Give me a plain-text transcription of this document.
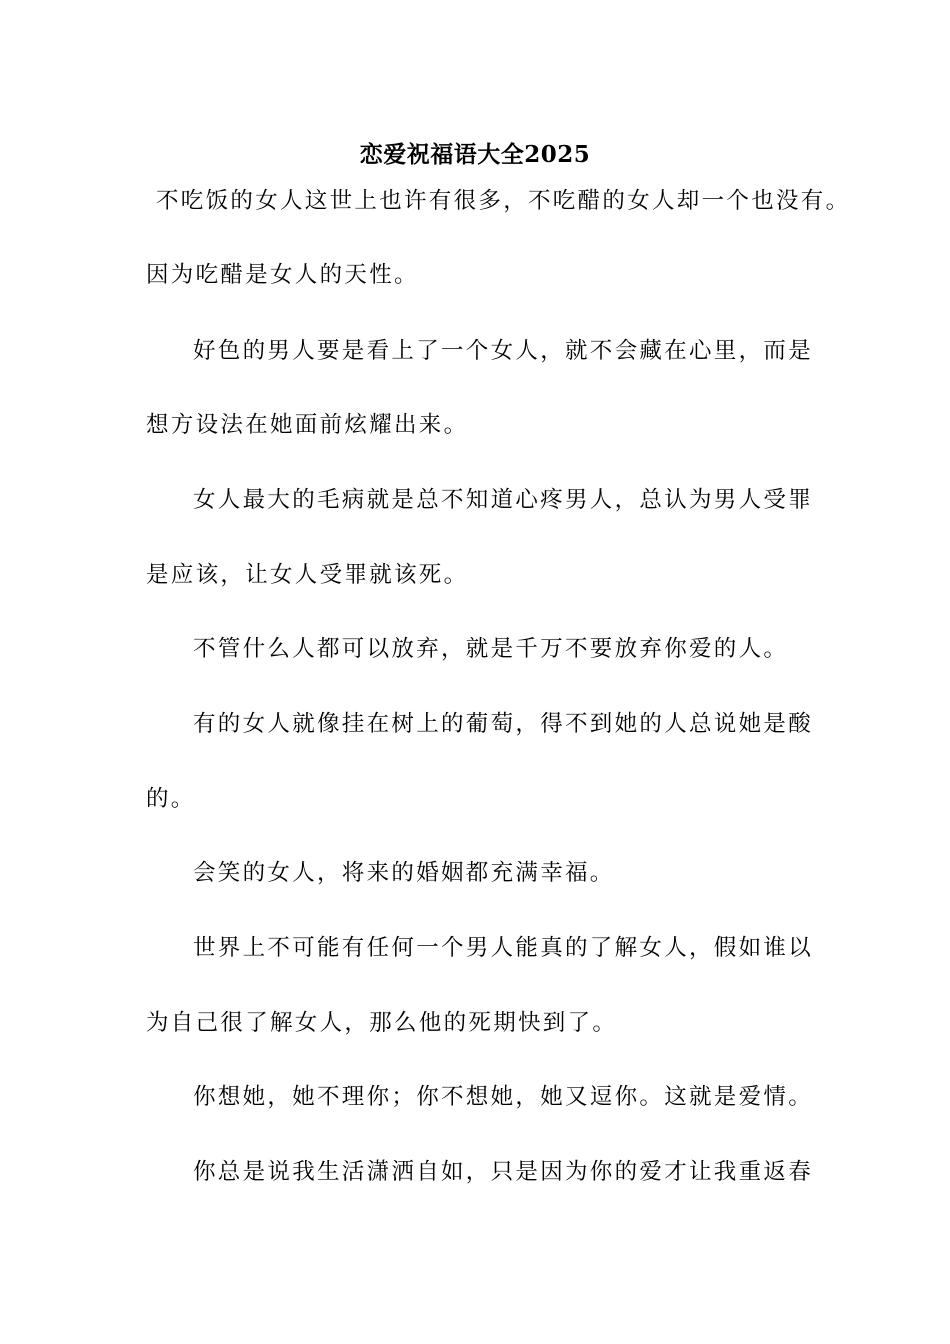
恋爱祝福语大全2025
不吃饭的女人这世上也许有很多，不吃醋的女人却一个也没有。
因为吃醋是女人的天性。
好色的男人要是看上了一个女人，就不会藏在心里，而是
想方设法在她面前炫耀出来。
女人最大的毛病就是总不知道心疼男人，总认为男人受罪
是应该，让女人受罪就该死。
不管什么人都可以放弃，就是千万不要放弃你爱的人。
有的女人就像挂在树上的葡萄，得不到她的人总说她是酸
的。
会笑的女人，将来的婚姻都充满幸福。
世界上不可能有任何一个男人能真的了解女人，假如谁以
为自己很了解女人，那么他的死期快到了。
你想她，她不理你；你不想她，她又逗你。这就是爱情。
你总是说我生活潇洒自如，只是因为你的爱才让我重返春
